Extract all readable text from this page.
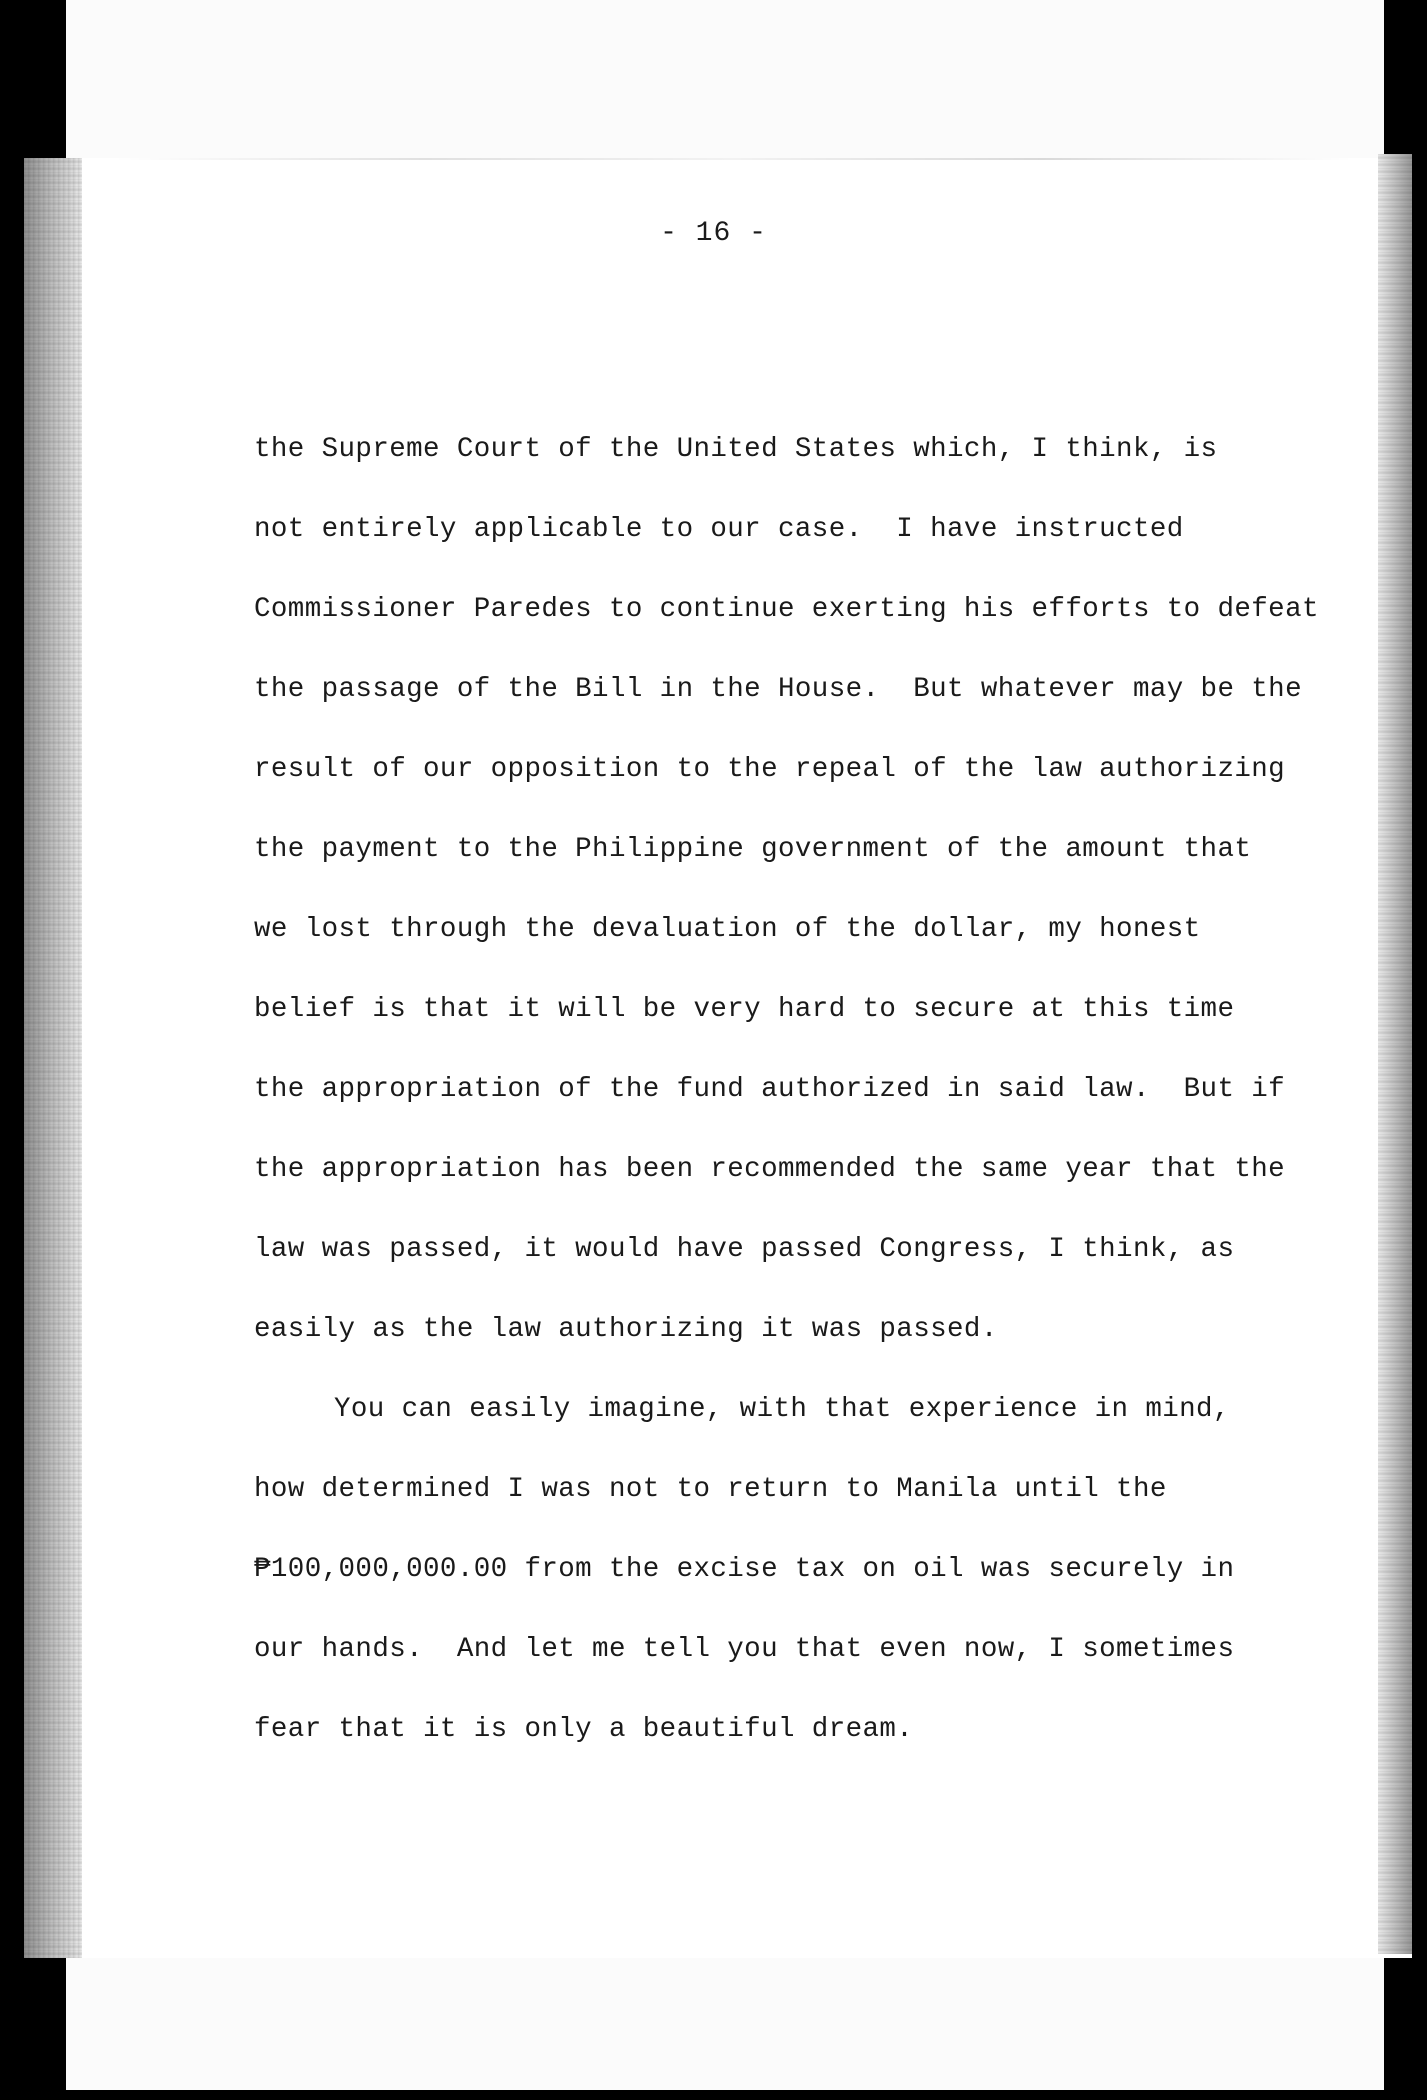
- 16 -
the Supreme Court of the United States which, I think, is
not entirely applicable to our case.  I have instructed
Commissioner Paredes to continue exerting his efforts to defeat
the passage of the Bill in the House.  But whatever may be the
result of our opposition to the repeal of the law authorizing
the payment to the Philippine government of the amount that
we lost through the devaluation of the dollar, my honest
belief is that it will be very hard to secure at this time
the appropriation of the fund authorized in said law.  But if
the appropriation has been recommended the same year that the
law was passed, it would have passed Congress, I think, as
easily as the law authorizing it was passed.
You can easily imagine, with that experience in mind,
how determined I was not to return to Manila until the
₱100,000,000.00 from the excise tax on oil was securely in
our hands.  And let me tell you that even now, I sometimes
fear that it is only a beautiful dream.
